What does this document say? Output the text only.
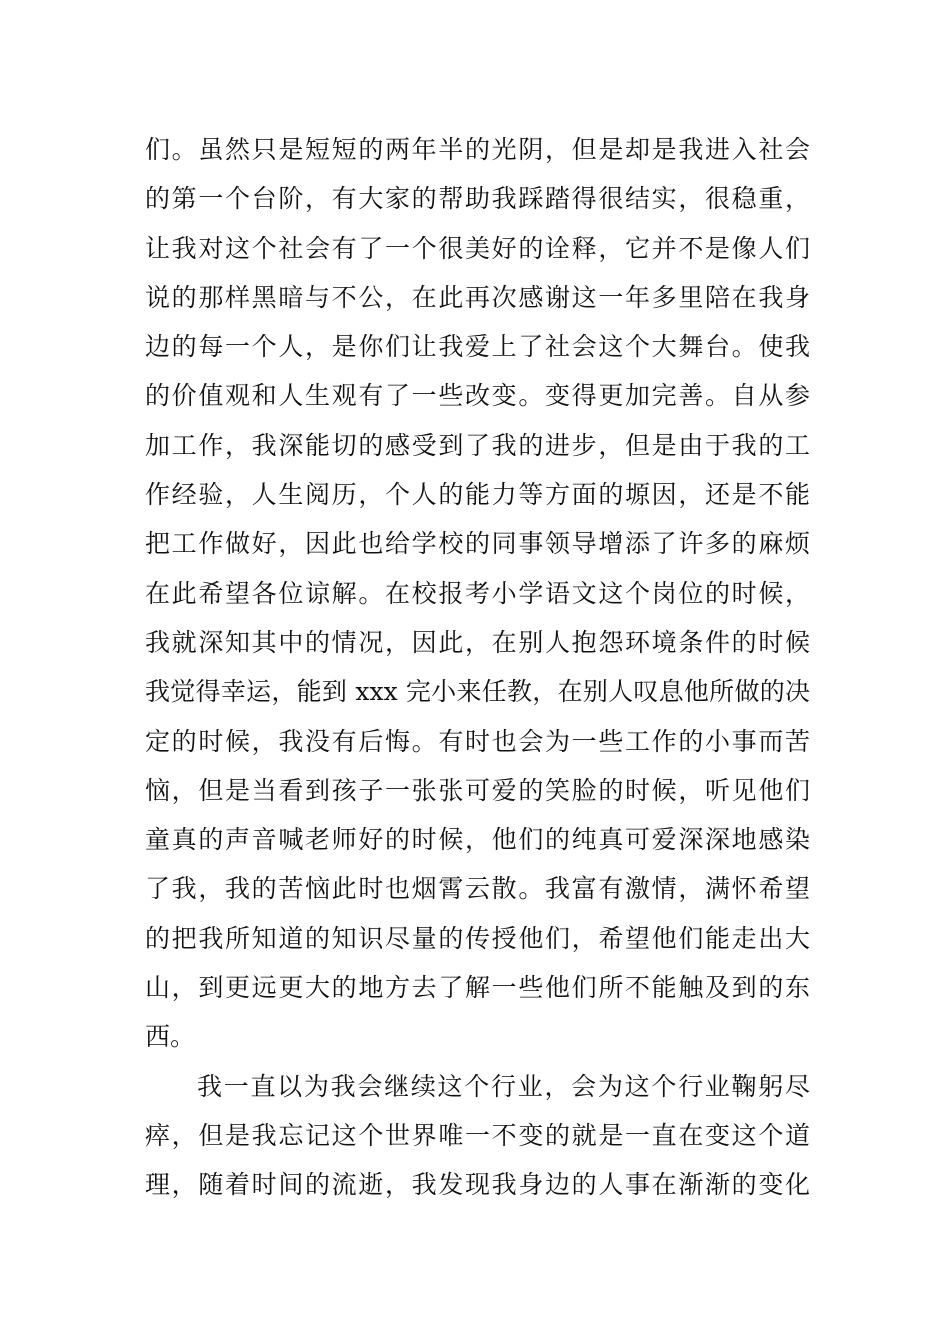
们。虽然只是短短的两年半的光阴，但是却是我进入社会
的第一个台阶，有大家的帮助我踩踏得很结实，很稳重，
让我对这个社会有了一个很美好的诠释，它并不是像人们
说的那样黑暗与不公，在此再次感谢这一年多里陪在我身
边的每一个人，是你们让我爱上了社会这个大舞台。使我
的价值观和人生观有了一些改变。变得更加完善。自从参
加工作，我深能切的感受到了我的进步，但是由于我的工
作经验，人生阅历，个人的能力等方面的塬因，还是不能
把工作做好，因此也给学校的同事领导增添了许多的麻烦
在此希望各位谅解。在校报考小学语文这个岗位的时候，
我就深知其中的情况，因此，在别人抱怨环境条件的时候
我觉得幸运，能到 xxx 完小来任教，在别人叹息他所做的决
定的时候，我没有后悔。有时也会为一些工作的小事而苦
恼，但是当看到孩子一张张可爱的笑脸的时候，听见他们
童真的声音喊老师好的时候，他们的纯真可爱深深地感染
了我，我的苦恼此时也烟霄云散。我富有激情，满怀希望
的把我所知道的知识尽量的传授他们，希望他们能走出大
山，到更远更大的地方去了解一些他们所不能触及到的东
西。
我一直以为我会继续这个行业，会为这个行业鞠躬尽
瘁，但是我忘记这个世界唯一不变的就是一直在变这个道
理，随着时间的流逝，我发现我身边的人事在渐渐的变化
